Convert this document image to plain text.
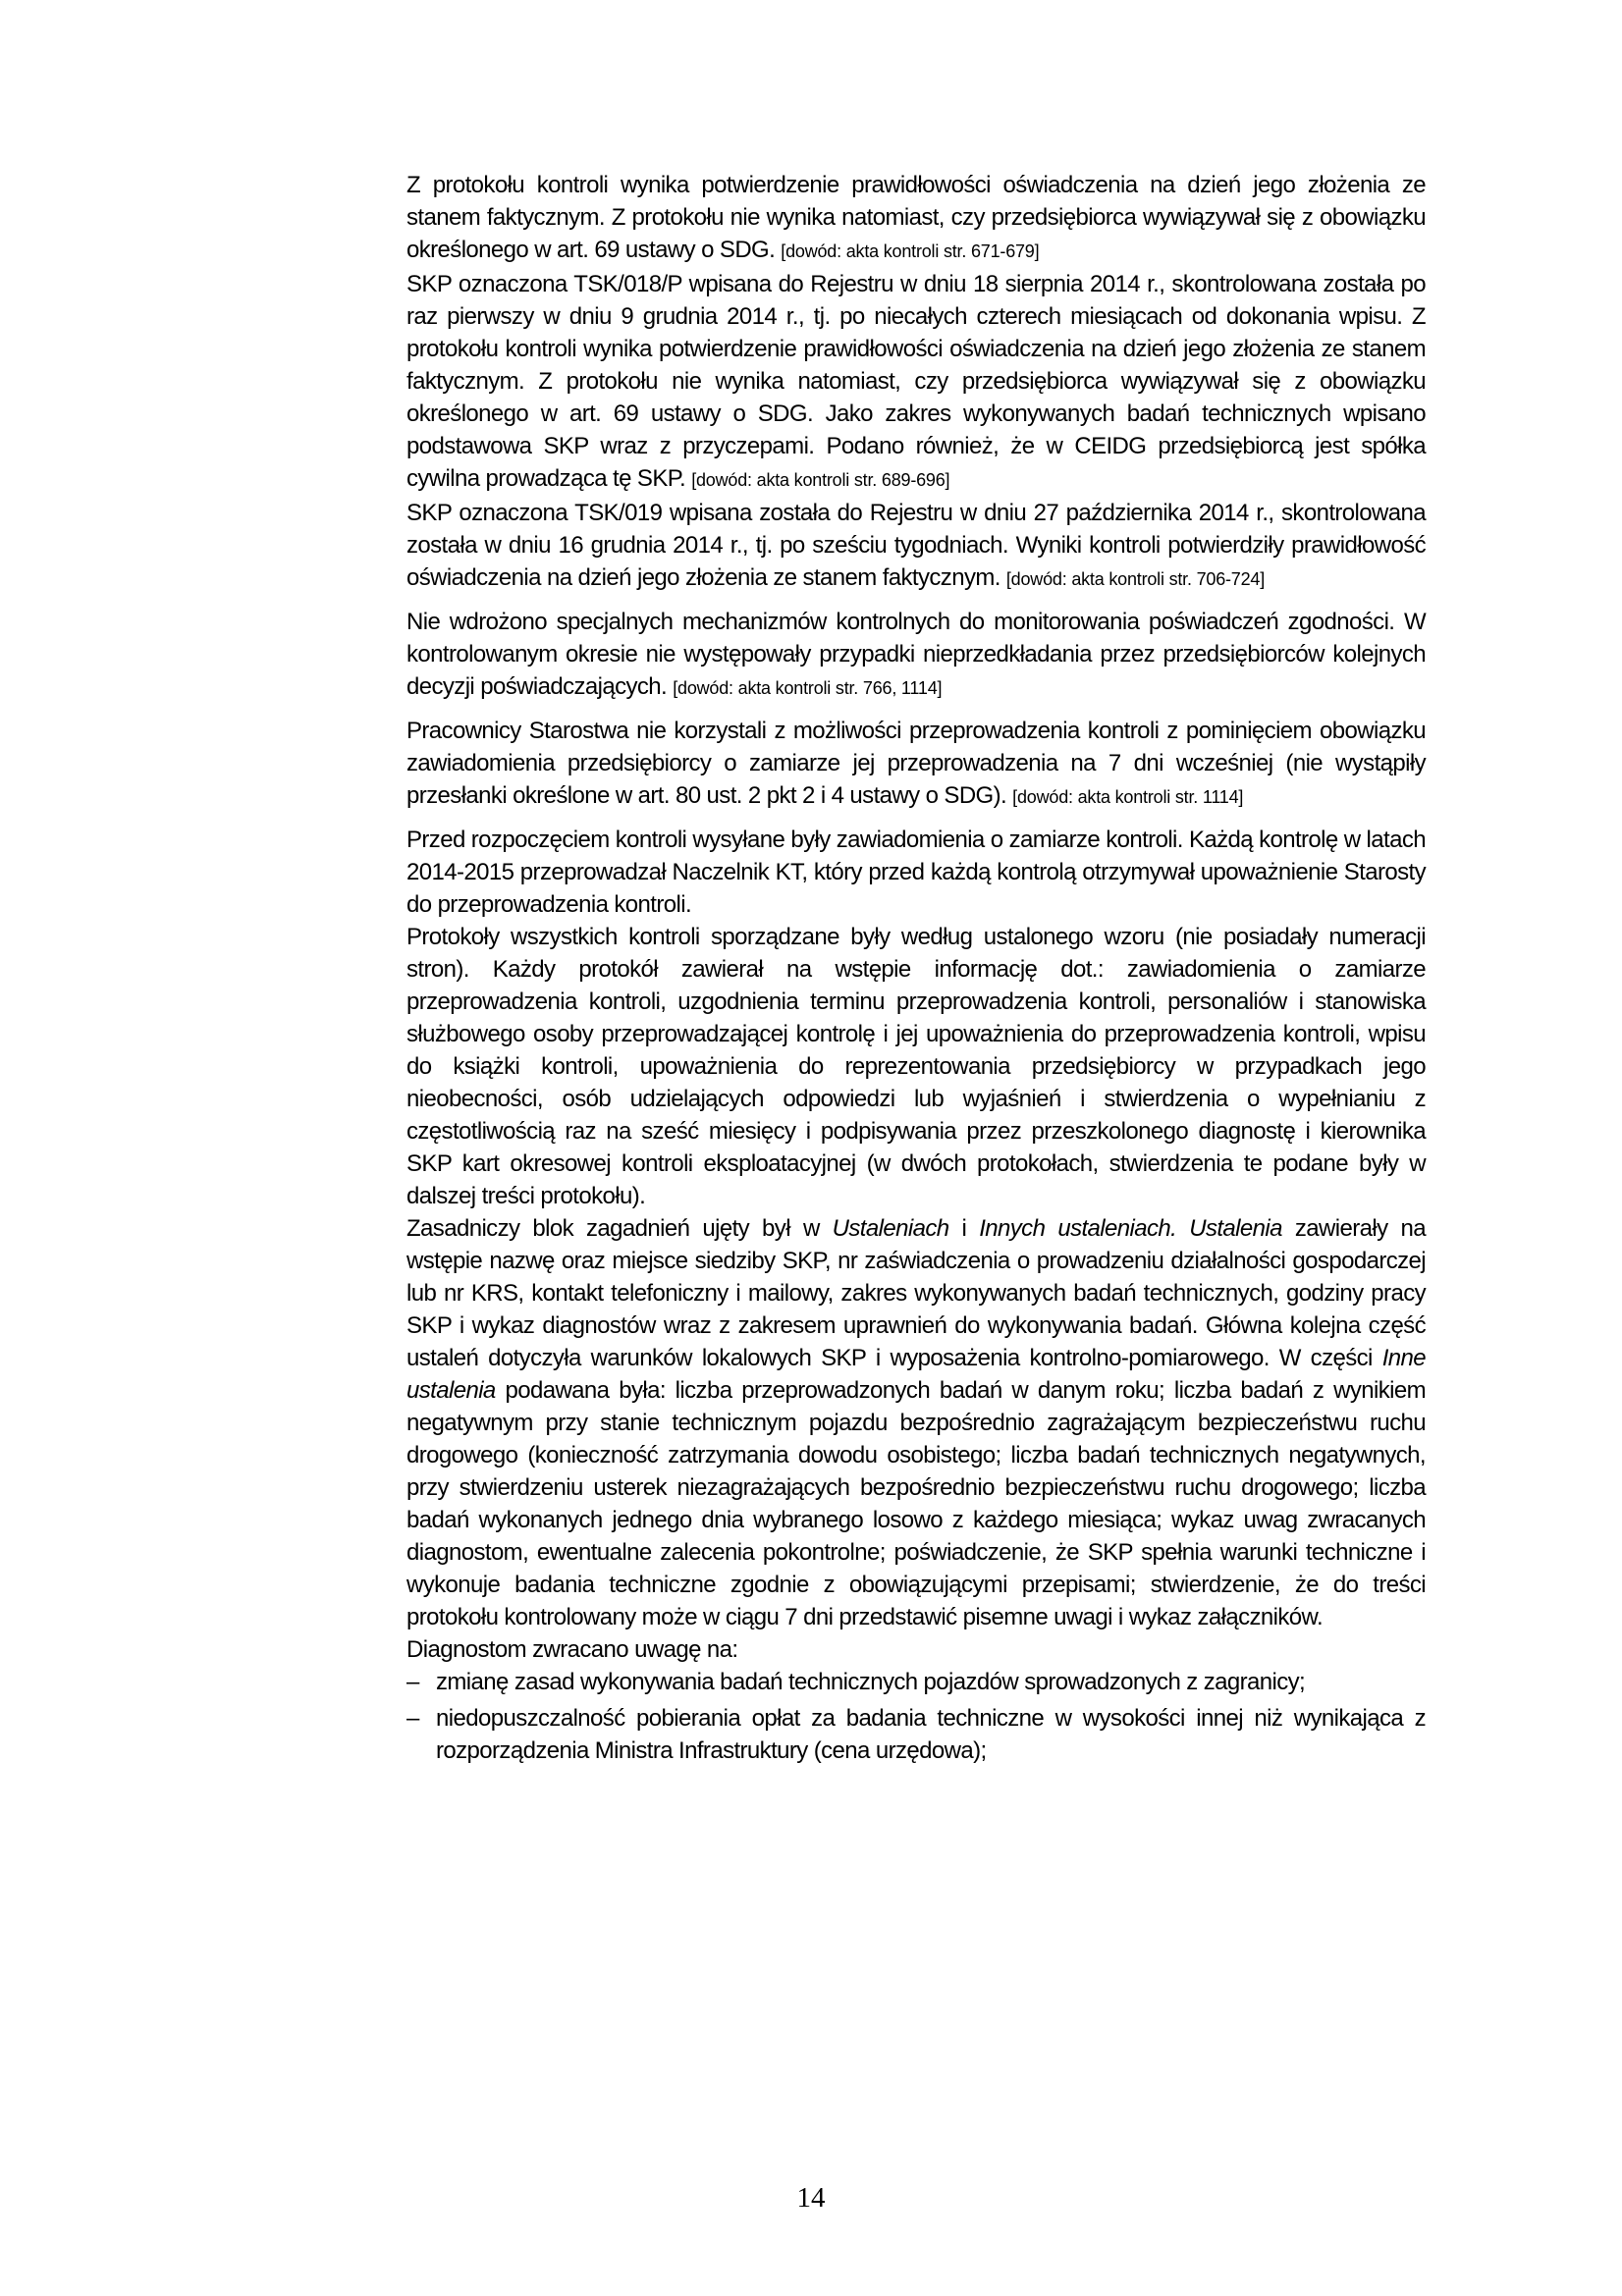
Z protokołu kontroli wynika potwierdzenie prawidłowości oświadczenia na dzień jego złożenia ze stanem faktycznym. Z protokołu nie wynika natomiast, czy przedsiębiorca wywiązywał się z obowiązku określonego w art. 69 ustawy o SDG. [dowód: akta kontroli str. 671-679]

SKP oznaczona TSK/018/P wpisana do Rejestru w dniu 18 sierpnia 2014 r., skontrolowana została po raz pierwszy w dniu 9 grudnia 2014 r., tj. po niecałych czterech miesiącach od dokonania wpisu. Z protokołu kontroli wynika potwierdzenie prawidłowości oświadczenia na dzień jego złożenia ze stanem faktycznym. Z protokołu nie wynika natomiast, czy przedsiębiorca wywiązywał się z obowiązku określonego w art. 69 ustawy o SDG. Jako zakres wykonywanych badań technicznych wpisano podstawowa SKP wraz z przyczepami. Podano również, że w CEIDG przedsiębiorcą jest spółka cywilna prowadząca tę SKP. [dowód: akta kontroli str. 689-696]

SKP oznaczona TSK/019 wpisana została do Rejestru w dniu 27 października 2014 r., skontrolowana została w dniu 16 grudnia 2014 r., tj. po sześciu tygodniach. Wyniki kontroli potwierdziły prawidłowość oświadczenia na dzień jego złożenia ze stanem faktycznym. [dowód: akta kontroli str. 706-724]

Nie wdrożono specjalnych mechanizmów kontrolnych do monitorowania poświadczeń zgodności. W kontrolowanym okresie nie występowały przypadki nieprzedkładania przez przedsiębiorców kolejnych decyzji poświadczających. [dowód: akta kontroli str. 766, 1114]

Pracownicy Starostwa nie korzystali z możliwości przeprowadzenia kontroli z pominięciem obowiązku zawiadomienia przedsiębiorcy o zamiarze jej przeprowadzenia na 7 dni wcześniej (nie wystąpiły przesłanki określone w art. 80 ust. 2 pkt 2 i 4 ustawy o SDG). [dowód: akta kontroli str. 1114]

Przed rozpoczęciem kontroli wysyłane były zawiadomienia o zamiarze kontroli. Każdą kontrolę w latach 2014-2015 przeprowadzał Naczelnik KT, który przed każdą kontrolą otrzymywał upoważnienie Starosty do przeprowadzenia kontroli.

Protokoły wszystkich kontroli sporządzane były według ustalonego wzoru (nie posiadały numeracji stron). Każdy protokół zawierał na wstępie informację dot.: zawiadomienia o zamiarze przeprowadzenia kontroli, uzgodnienia terminu przeprowadzenia kontroli, personaliów i stanowiska służbowego osoby przeprowadzającej kontrolę i jej upoważnienia do przeprowadzenia kontroli, wpisu do książki kontroli, upoważnienia do reprezentowania przedsiębiorcy w przypadkach jego nieobecności, osób udzielających odpowiedzi lub wyjaśnień i stwierdzenia o wypełnianiu z częstotliwością raz na sześć miesięcy i podpisywania przez przeszkolonego diagnostę i kierownika SKP kart okresowej kontroli eksploatacyjnej (w dwóch protokołach, stwierdzenia te podane były w dalszej treści protokołu).

Zasadniczy blok zagadnień ujęty był w Ustaleniach i Innych ustaleniach. Ustalenia zawierały na wstępie nazwę oraz miejsce siedziby SKP, nr zaświadczenia o prowadzeniu działalności gospodarczej lub nr KRS, kontakt telefoniczny i mailowy, zakres wykonywanych badań technicznych, godziny pracy SKP i wykaz diagnostów wraz z zakresem uprawnień do wykonywania badań. Główna kolejna część ustaleń dotyczyła warunków lokalowych SKP i wyposażenia kontrolno-pomiarowego. W części Inne ustalenia podawana była: liczba przeprowadzonych badań w danym roku; liczba badań z wynikiem negatywnym przy stanie technicznym pojazdu bezpośrednio zagrażającym bezpieczeństwu ruchu drogowego (konieczność zatrzymania dowodu osobistego; liczba badań technicznych negatywnych, przy stwierdzeniu usterek niezagrażających bezpośrednio bezpieczeństwu ruchu drogowego; liczba badań wykonanych jednego dnia wybranego losowo z każdego miesiąca; wykaz uwag zwracanych diagnostom, ewentualne zalecenia pokontrolne; poświadczenie, że SKP spełnia warunki techniczne i wykonuje badania techniczne zgodnie z obowiązującymi przepisami; stwierdzenie, że do treści protokołu kontrolowany może w ciągu 7 dni przedstawić pisemne uwagi i wykaz załączników.

Diagnostom zwracano uwagę na:

– zmianę zasad wykonywania badań technicznych pojazdów sprowadzonych z zagranicy;
– niedopuszczalność pobierania opłat za badania techniczne w wysokości innej niż wynikająca z rozporządzenia Ministra Infrastruktury (cena urzędowa);
14
